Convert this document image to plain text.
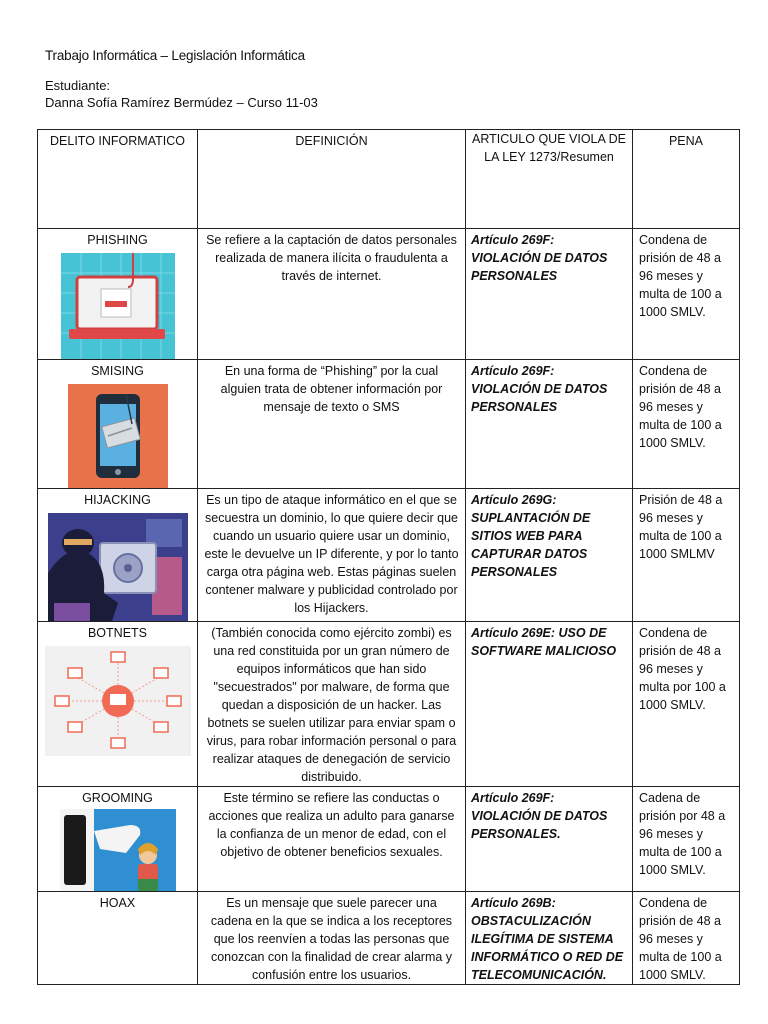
Trabajo Informática – Legislación Informática
Estudiante:
Danna Sofía Ramírez Bermúdez – Curso 11-03
DELITO INFORMATICO	DEFINICIÓN	ARTICULO QUE VIOLA DE LA LEY 1273/Resumen	PENA

PHISHING	Se refiere a la captación de datos personales realizada de manera ilícita o fraudulenta a través de internet.	Artículo 269F: VIOLACIÓN DE DATOS PERSONALES	Condena de prisión de 48 a 96 meses y multa de 100 a 1000 SMLV.

SMISING	En una forma de “Phishing” por la cual alguien trata de obtener información por mensaje de texto o SMS	Artículo 269F: VIOLACIÓN DE DATOS PERSONALES	Condena de prisión de 48 a 96 meses y multa de 100 a 1000 SMLV.

HIJACKING	Es un tipo de ataque informático en el que se secuestra un dominio, lo que quiere decir que cuando un usuario quiere usar un dominio, este le devuelve un IP diferente, y por lo tanto carga otra página web. Estas páginas suelen contener malware y publicidad controlado por los Hijackers.	Artículo 269G: SUPLANTACIÓN DE SITIOS WEB PARA CAPTURAR DATOS PERSONALES	Prisión de 48 a 96 meses y multa de 100 a 1000 SMLMV

BOTNETS	(También conocida como ejército zombi) es una red constituida por un gran número de equipos informáticos que han sido "secuestrados" por malware, de forma que quedan a disposición de un hacker. Las botnets se suelen utilizar para enviar spam o virus, para robar información personal o para realizar ataques de denegación de servicio distribuido.	Artículo 269E: USO DE SOFTWARE MALICIOSO	Condena de prisión de 48 a 96 meses y multa por 100 a 1000 SMLV.

GROOMING	Este término se refiere las conductas o acciones que realiza un adulto para ganarse la confianza de un menor de edad, con el objetivo de obtener beneficios sexuales.	Artículo 269F: VIOLACIÓN DE DATOS PERSONALES.	Cadena de prisión por 48 a 96 meses y multa de 100 a 1000 SMLV.

HOAX	Es un mensaje que suele parecer una cadena en la que se indica a los receptores que los reenvíen a todas las personas que conozcan con la finalidad de crear alarma y confusión entre los usuarios.	Artículo 269B: OBSTACULIZACIÓN ILEGÍTIMA DE SISTEMA INFORMÁTICO O RED DE TELECOMUNICACIÓN.	Condena de prisión de 48 a 96 meses y multa de 100 a 1000 SMLV.
